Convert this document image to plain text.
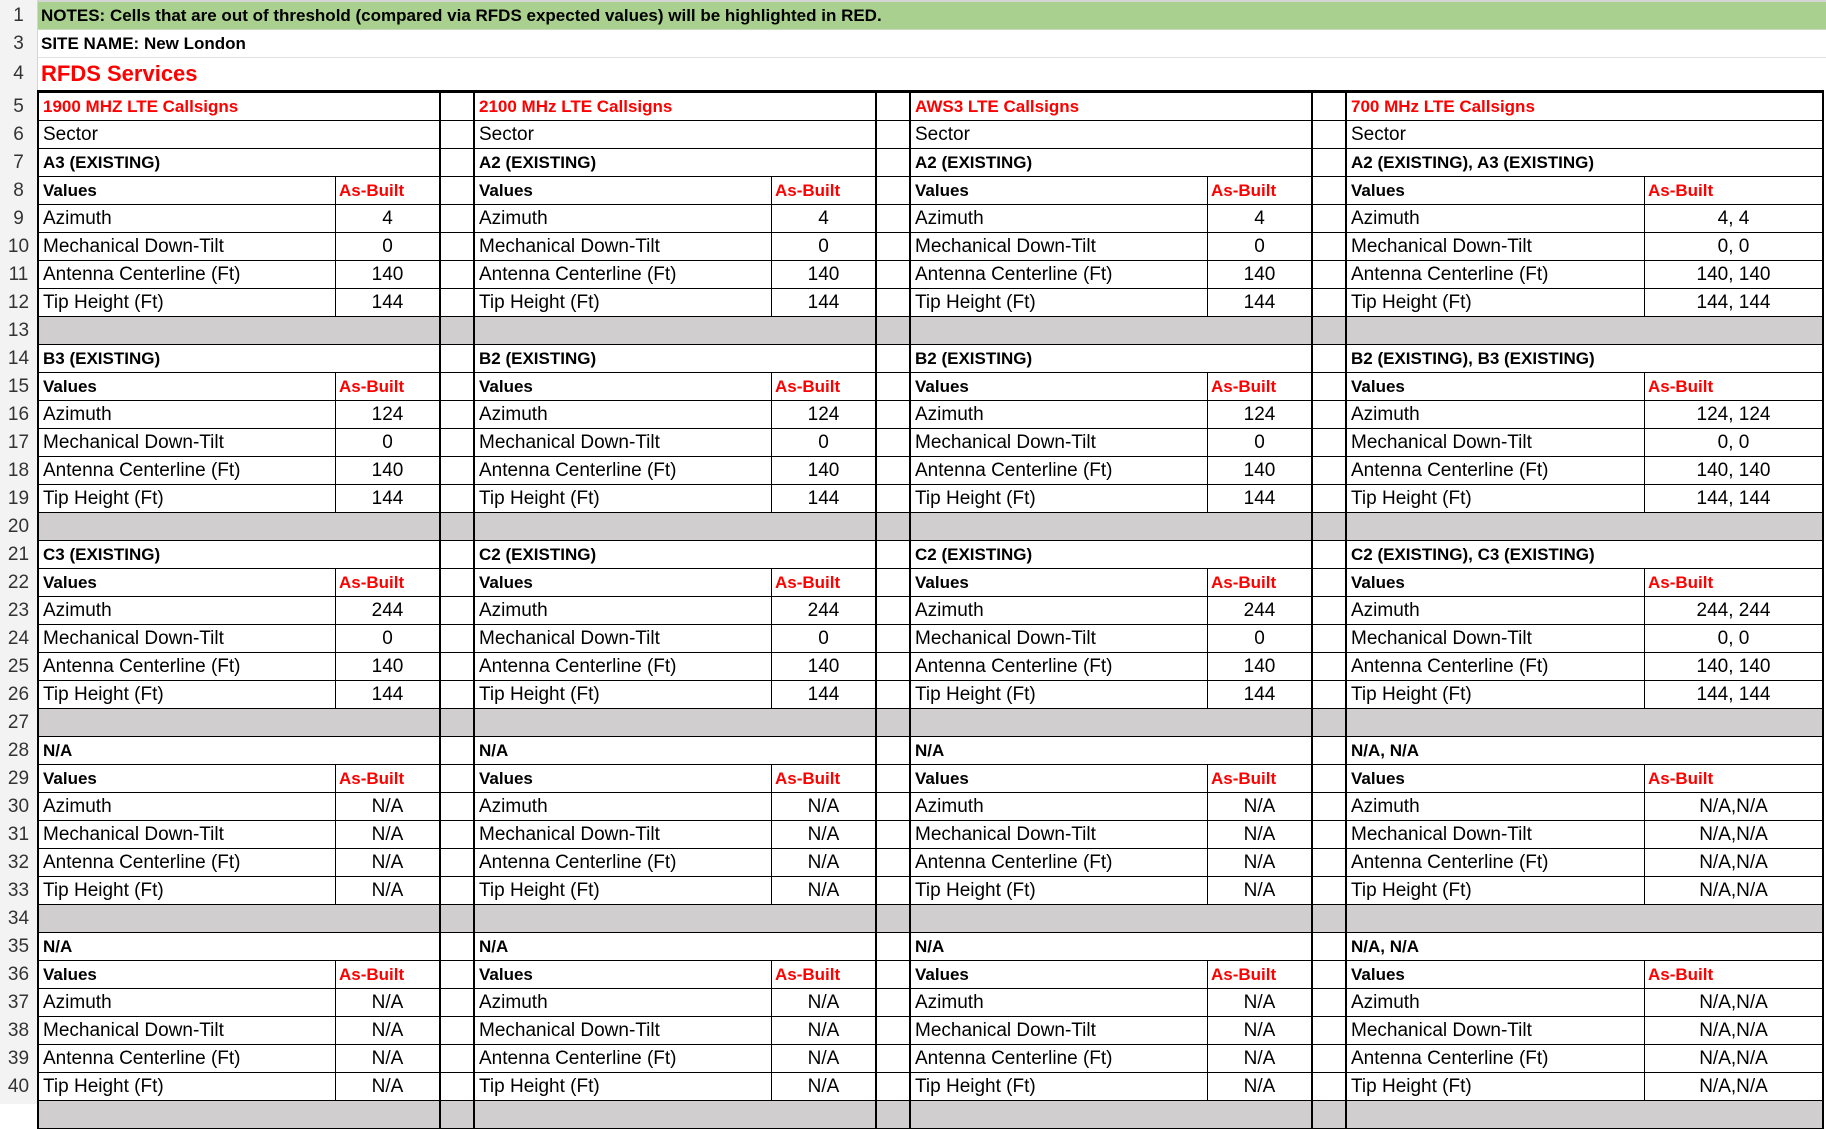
1
3
4
5
6
7
8
9
10
11
12
13
14
15
16
17
18
19
20
21
22
23
24
25
26
27
28
29
30
31
32
33
34
35
36
37
38
39
40
NOTES: Cells that are out of threshold (compared via RFDS expected values) will be highlighted in RED.
SITE NAME: New London
RFDS Services
1900 MHZ LTE Callsigns	2100 MHz LTE Callsigns	AWS3 LTE Callsigns	700 MHz LTE Callsigns
Sector	Sector	Sector	Sector
A3 (EXISTING)	A2 (EXISTING)	A2 (EXISTING)	A2 (EXISTING), A3 (EXISTING)
Values	As-Built	Values	As-Built	Values	As-Built	Values	As-Built
Azimuth	4	Azimuth	4	Azimuth	4	Azimuth	4, 4
Mechanical Down-Tilt	0	Mechanical Down-Tilt	0	Mechanical Down-Tilt	0	Mechanical Down-Tilt	0, 0
Antenna Centerline (Ft)	140	Antenna Centerline (Ft)	140	Antenna Centerline (Ft)	140	Antenna Centerline (Ft)	140, 140
Tip Height (Ft)	144	Tip Height (Ft)	144	Tip Height (Ft)	144	Tip Height (Ft)	144, 144
B3 (EXISTING)	B2 (EXISTING)	B2 (EXISTING)	B2 (EXISTING), B3 (EXISTING)
Values	As-Built	Values	As-Built	Values	As-Built	Values	As-Built
Azimuth	124	Azimuth	124	Azimuth	124	Azimuth	124, 124
Mechanical Down-Tilt	0	Mechanical Down-Tilt	0	Mechanical Down-Tilt	0	Mechanical Down-Tilt	0, 0
Antenna Centerline (Ft)	140	Antenna Centerline (Ft)	140	Antenna Centerline (Ft)	140	Antenna Centerline (Ft)	140, 140
Tip Height (Ft)	144	Tip Height (Ft)	144	Tip Height (Ft)	144	Tip Height (Ft)	144, 144
C3 (EXISTING)	C2 (EXISTING)	C2 (EXISTING)	C2 (EXISTING), C3 (EXISTING)
Values	As-Built	Values	As-Built	Values	As-Built	Values	As-Built
Azimuth	244	Azimuth	244	Azimuth	244	Azimuth	244, 244
Mechanical Down-Tilt	0	Mechanical Down-Tilt	0	Mechanical Down-Tilt	0	Mechanical Down-Tilt	0, 0
Antenna Centerline (Ft)	140	Antenna Centerline (Ft)	140	Antenna Centerline (Ft)	140	Antenna Centerline (Ft)	140, 140
Tip Height (Ft)	144	Tip Height (Ft)	144	Tip Height (Ft)	144	Tip Height (Ft)	144, 144
N/A	N/A	N/A	N/A, N/A
Values	As-Built	Values	As-Built	Values	As-Built	Values	As-Built
Azimuth	N/A	Azimuth	N/A	Azimuth	N/A	Azimuth	N/A,N/A
Mechanical Down-Tilt	N/A	Mechanical Down-Tilt	N/A	Mechanical Down-Tilt	N/A	Mechanical Down-Tilt	N/A,N/A
Antenna Centerline (Ft)	N/A	Antenna Centerline (Ft)	N/A	Antenna Centerline (Ft)	N/A	Antenna Centerline (Ft)	N/A,N/A
Tip Height (Ft)	N/A	Tip Height (Ft)	N/A	Tip Height (Ft)	N/A	Tip Height (Ft)	N/A,N/A
N/A	N/A	N/A	N/A, N/A
Values	As-Built	Values	As-Built	Values	As-Built	Values	As-Built
Azimuth	N/A	Azimuth	N/A	Azimuth	N/A	Azimuth	N/A,N/A
Mechanical Down-Tilt	N/A	Mechanical Down-Tilt	N/A	Mechanical Down-Tilt	N/A	Mechanical Down-Tilt	N/A,N/A
Antenna Centerline (Ft)	N/A	Antenna Centerline (Ft)	N/A	Antenna Centerline (Ft)	N/A	Antenna Centerline (Ft)	N/A,N/A
Tip Height (Ft)	N/A	Tip Height (Ft)	N/A	Tip Height (Ft)	N/A	Tip Height (Ft)	N/A,N/A
